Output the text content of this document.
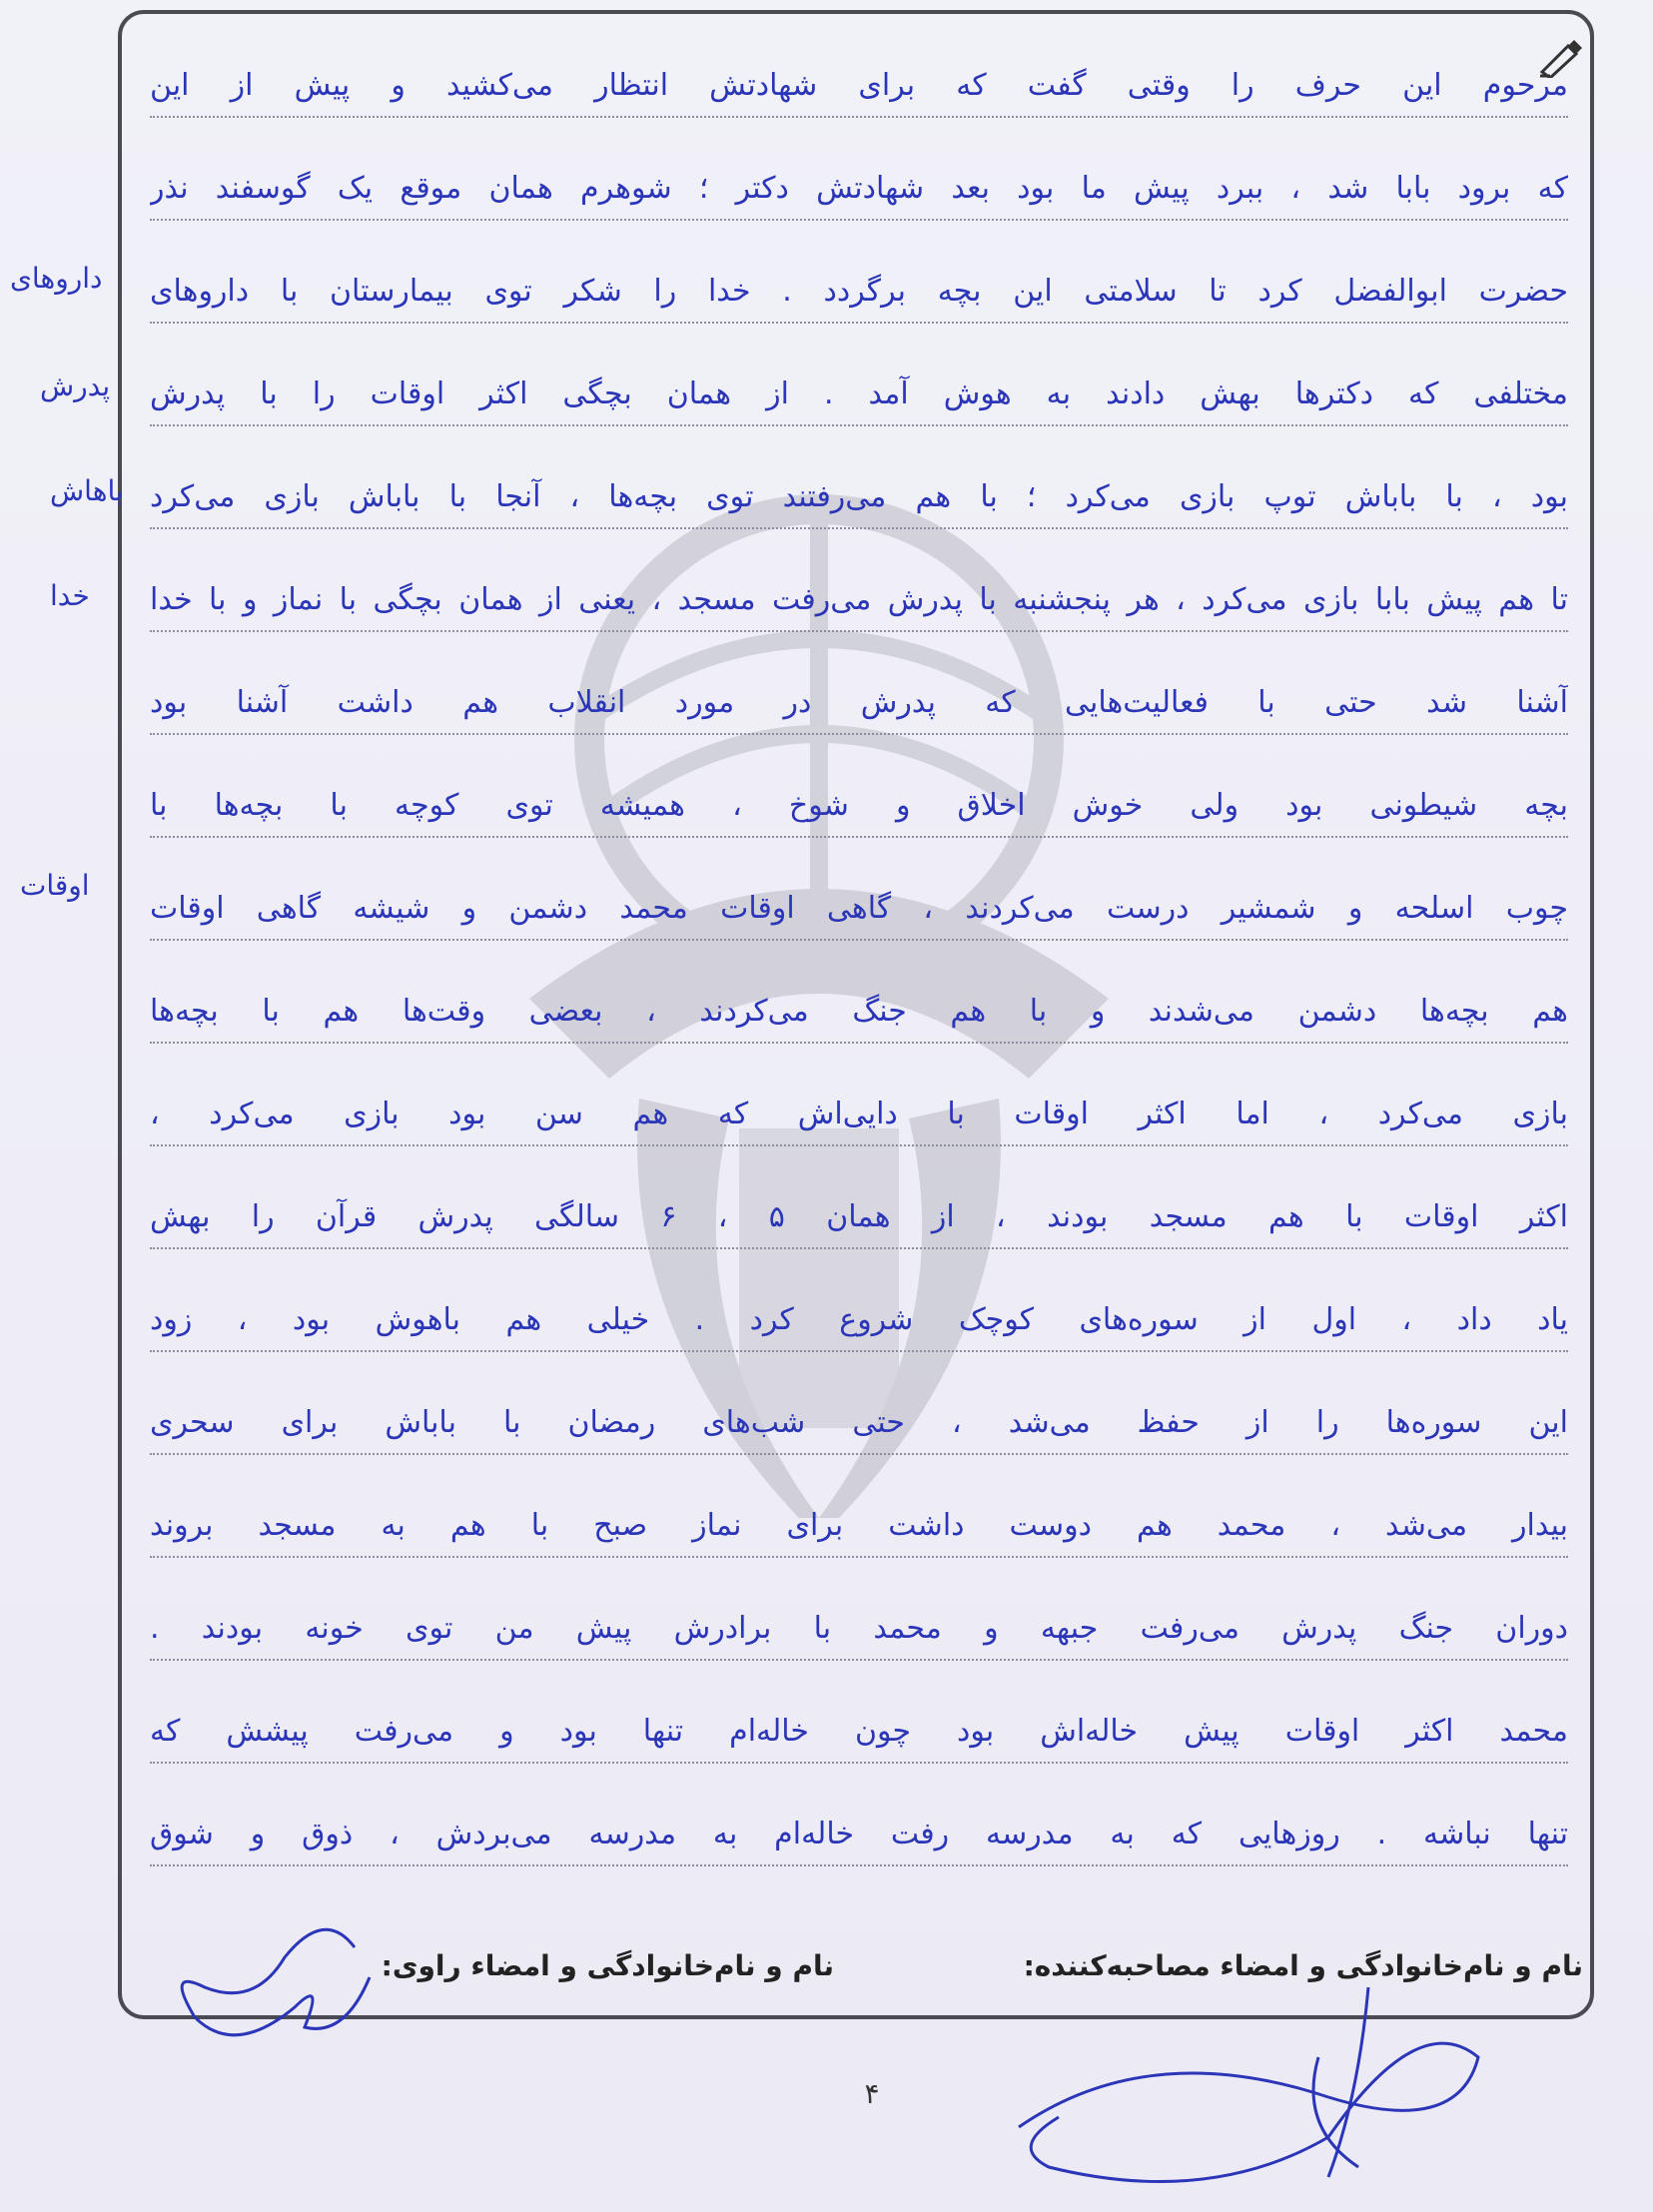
مرحوم این حرف را وقتی گفت که برای شهادتش انتظار می‌کشید و پیش از این
که برود بابا شد ، ببرد پیش ما بود بعد شهادتش دکتر ؛ شوهرم همان موقع یک گوسفند نذر
حضرت ابوالفضل کرد تا سلامتی این بچه برگردد . خدا را شکر توی بیمارستان با داروهای
مختلفی که دکترها بهش دادند به هوش آمد . از همان بچگی اکثر اوقات را با پدرش
بود ، با باباش توپ بازی می‌کرد ؛ با هم می‌رفتند توی بچه‌ها ، آنجا با باباش بازی می‌کرد
تا هم پیش بابا بازی می‌کرد ، هر پنجشنبه با پدرش می‌رفت مسجد ، یعنی از همان بچگی با نماز و با خدا
آشنا شد حتی با فعالیت‌هایی که پدرش در مورد انقلاب هم داشت آشنا بود
بچه شیطونی بود ولی خوش اخلاق و شوخ ، همیشه توی کوچه با بچه‌ها با
چوب اسلحه و شمشیر درست می‌کردند ، گاهی اوقات محمد دشمن و شیشه گاهی اوقات
هم بچه‌ها دشمن می‌شدند و با هم جنگ می‌کردند ، بعضی وقت‌ها هم با بچه‌ها
بازی می‌کرد ، اما اکثر اوقات با دایی‌اش که هم سن بود بازی می‌کرد ،
اکثر اوقات با هم مسجد بودند ، از همان ۵ ، ۶ سالگی پدرش قرآن را بهش
یاد داد ، اول از سوره‌های کوچک شروع کرد . خیلی هم باهوش بود ، زود
این سوره‌ها را از حفظ می‌شد ، حتی شب‌های رمضان با باباش برای سحری
بیدار می‌شد ، محمد هم دوست داشت برای نماز صبح با هم به مسجد بروند
دوران جنگ پدرش می‌رفت جبهه و محمد با برادرش پیش من توی خونه بودند .
محمد اکثر اوقات پیش خاله‌اش بود چون خاله‌ام تنها بود و می‌رفت پیشش که
تنها نباشه . روزهایی که به مدرسه رفت خاله‌ام به مدرسه می‌بردش ، ذوق و شوق
داروهای
پدرش
باهاش
خدا
اوقات
نام و نام‌خانوادگی و امضاء مصاحبه‌کننده:
نام و نام‌خانوادگی و امضاء راوی:
۴
